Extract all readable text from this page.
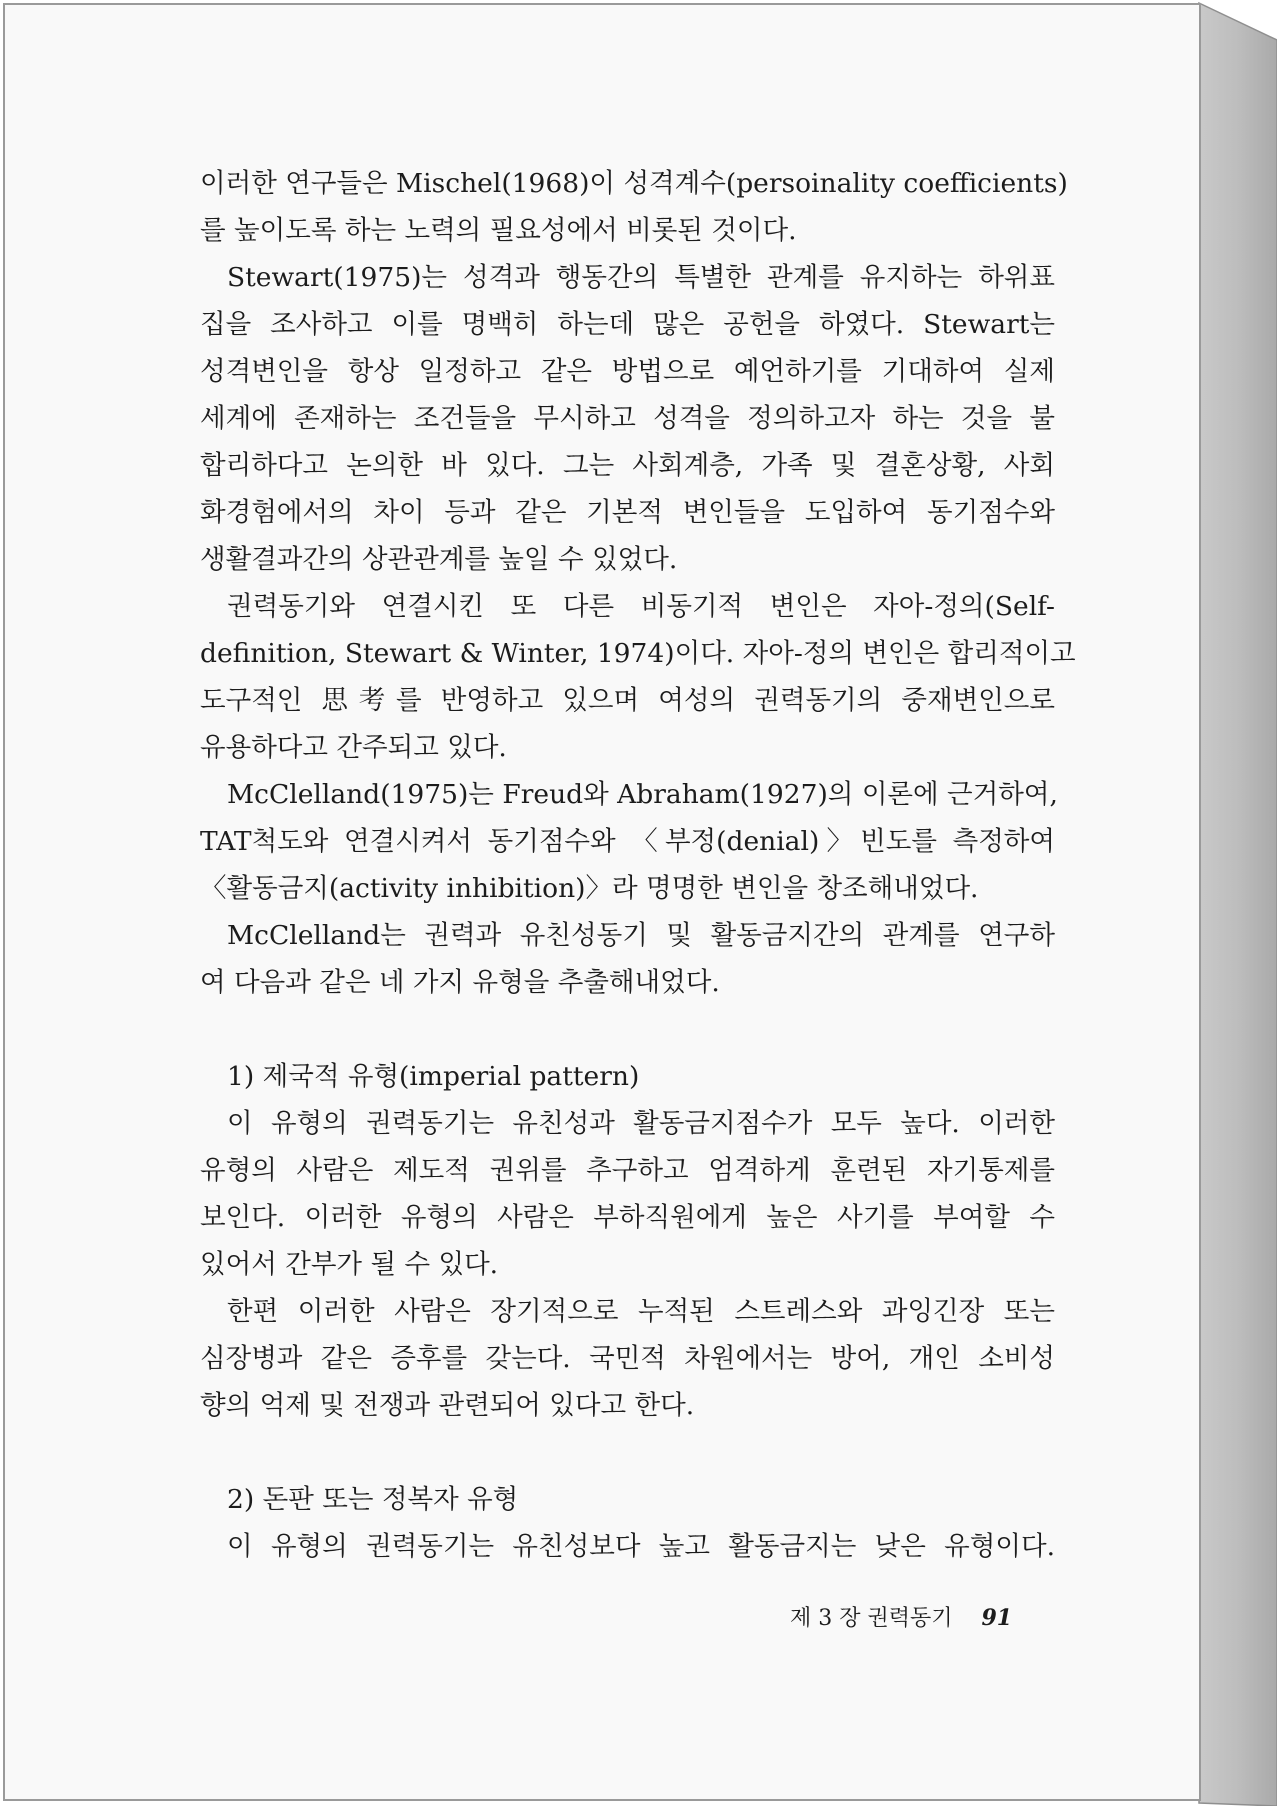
이러한 연구들은 Mischel(1968)이 성격계수(persoinality coefficients)
를 높이도록 하는 노력의 필요성에서 비롯된 것이다.
Stewart(1975)는 성격과 행동간의 특별한 관계를 유지하는 하위표
집을 조사하고 이를 명백히 하는데 많은 공헌을 하였다. Stewart는
성격변인을 항상 일정하고 같은 방법으로 예언하기를 기대하여 실제
세계에 존재하는 조건들을 무시하고 성격을 정의하고자 하는 것을 불
합리하다고 논의한 바 있다. 그는 사회계층, 가족 및 결혼상황, 사회
화경험에서의 차이 등과 같은 기본적 변인들을 도입하여 동기점수와
생활결과간의 상관관계를 높일 수 있었다.
권력동기와 연결시킨 또 다른 비동기적 변인은 자아-정의(Self-
definition, Stewart & Winter, 1974)이다. 자아-정의 변인은 합리적이고
도구적인 思考를 반영하고 있으며 여성의 권력동기의 중재변인으로
유용하다고 간주되고 있다.
McClelland(1975)는 Freud와 Abraham(1927)의 이론에 근거하여,
TAT척도와 연결시켜서 동기점수와 〈부정(denial)〉빈도를 측정하여
〈활동금지(activity inhibition)〉라 명명한 변인을 창조해내었다.
McClelland는 권력과 유친성동기 및 활동금지간의 관계를 연구하
여 다음과 같은 네 가지 유형을 추출해내었다.
1) 제국적 유형(imperial pattern)
이 유형의 권력동기는 유친성과 활동금지점수가 모두 높다. 이러한
유형의 사람은 제도적 권위를 추구하고 엄격하게 훈련된 자기통제를
보인다. 이러한 유형의 사람은 부하직원에게 높은 사기를 부여할 수
있어서 간부가 될 수 있다.
한편 이러한 사람은 장기적으로 누적된 스트레스와 과잉긴장 또는
심장병과 같은 증후를 갖는다. 국민적 차원에서는 방어, 개인 소비성
향의 억제 및 전쟁과 관련되어 있다고 한다.
2) 돈판 또는 정복자 유형
이 유형의 권력동기는 유친성보다 높고 활동금지는 낮은 유형이다.
제 3 장 권력동기 91
